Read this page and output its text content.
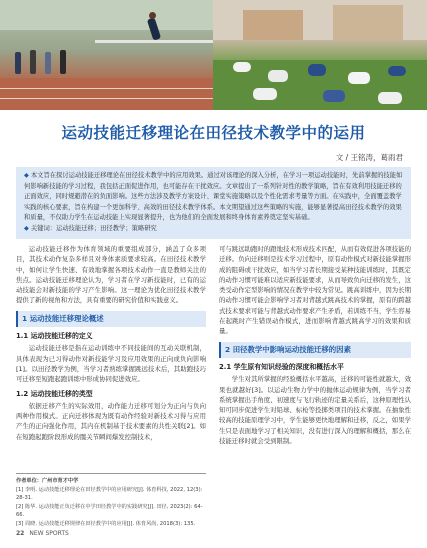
运动技能迁移理论在田径技术教学中的运用
文 / 王铭涛，葛雨君
◆ 本文旨在探讨运动技能迁移理论在田径技术教学中的应用效果。通过对该理论的深入分析，在学习一项运动技能时，先前掌握的技能如何影响新技能的学习过程，我包括正面促进作用，也可能存在干扰效应。文章提出了一系列针对性的教学策略，旨在有效利用技能迁移的正面效应，同时规避潜在的负面影响。这些方法涉及教学方案设计、课堂实施策略以及个性化需求考量等方面。在实践中，全面覆盖教学实践的核心要素，旨在构建一个更加科学、高效的田径技术教学体系。本文期望通过这些策略的实施，能够显著提高田径技术教学的效果和质量，不仅助力学生在运动技能上实现显著提升，也为他们的全面发展和终身体育素养奠定坚实基础。
◆ 关键词：运动技能迁移；田径教学；策略研究

运动技能迁移作为体育领域的重要组成部分，涵盖了众多项目，其技术动作复杂多样且对身体素质要求较高。在田径技术教学中，如何让学生快速、有效地掌握各项技术动作一直是教师关注的焦点。运动技能迁移理论认为，学习者在学习新技能时，已有的运动技能会对新技能的学习产生影响。这一理论为优化田径技术教学提供了新的视角和方法，具有重要的研究价值和实践意义。

1 运动技能迁移理论概述
1.1 运动技能迁移的定义

运动技能迁移是指在运动训练中不同技能间的互动关联机制，具体表现为已习得动作对新技能学习及应用效果的正向或负向影响[1]。以田径教学为例，当学习者熟练掌握跳远技术后，其助跑技巧可迁移至短跑起跑训练中形成协同促进效应。

1.2 运动技能迁移的类型

依据迁移产生的实际效用，动作能力迁移可划分为正向与负向两种作用模式。正向迁移体现为既有动作经验对新技术习得与应用产生的正向强化作用，其内在机制基于技术要素的共性关联[2]。如在短跑起跑阶段形成的髋关节瞬间爆发控制技术，

可与跳远助跑时的蹬地技术形成技术匹配，从而有效促进各项技能的迁移。负向迁移则是技术学习过程中，原有动作模式对新技能掌握形成的阻碍或干扰效应，如当学习者长期接受某种技能训练时，其既定的动作习惯可能难以适应新技能要求，从而导致负向迁移的发生，这类受动作定型影响的情况在教学中较为常见。跳高训练中，因为长期的动作习惯可能会影响学习者对背越式跳高技术的掌握，原有的跨越式技术要求可能与背越式动作要求产生矛盾，若训练不当，学生容易在起跳时产生错误动作模式，进而影响背越式跳高学习的效果和质量。

2 田径教学中影响运动技能迁移的因素
2.1 学生原有知识经验的深度和概括水平

学生对其所掌握的经验概括水平越高，迁移的可能性就越大，效果也就越好[3]。以运动生物力学中的抛体运动规律为例，当学习者系统掌握出手角度、初速度与飞行轨迹的定量关系后，这种原理性认知可同步促进学生对铅球、标枪等投掷类项目的技术掌握。在抽象性较高的技能原理学习中，学生能够更快地理解和迁移，反之，如果学生只是表面地学习了相关知识，没有进行深入的理解和概括，那么在技能迁移时就会受到限制。

作者单位：广州市育才中学
[1] 李明. 运动技能迁移理论在田径教学中的应用研究[J]. 体育科技, 2022, 12(3): 28-31.
[2] 陈华. 运动技能正负迁移在中学田径教学中的实践研究[J]. 田径, 2023(2): 64-66.
[3] 周晓. 运动技能迁移规律在田径教学中的应用[J]. 体育风尚, 2018(3): 135.
22 NEW SPORTS
